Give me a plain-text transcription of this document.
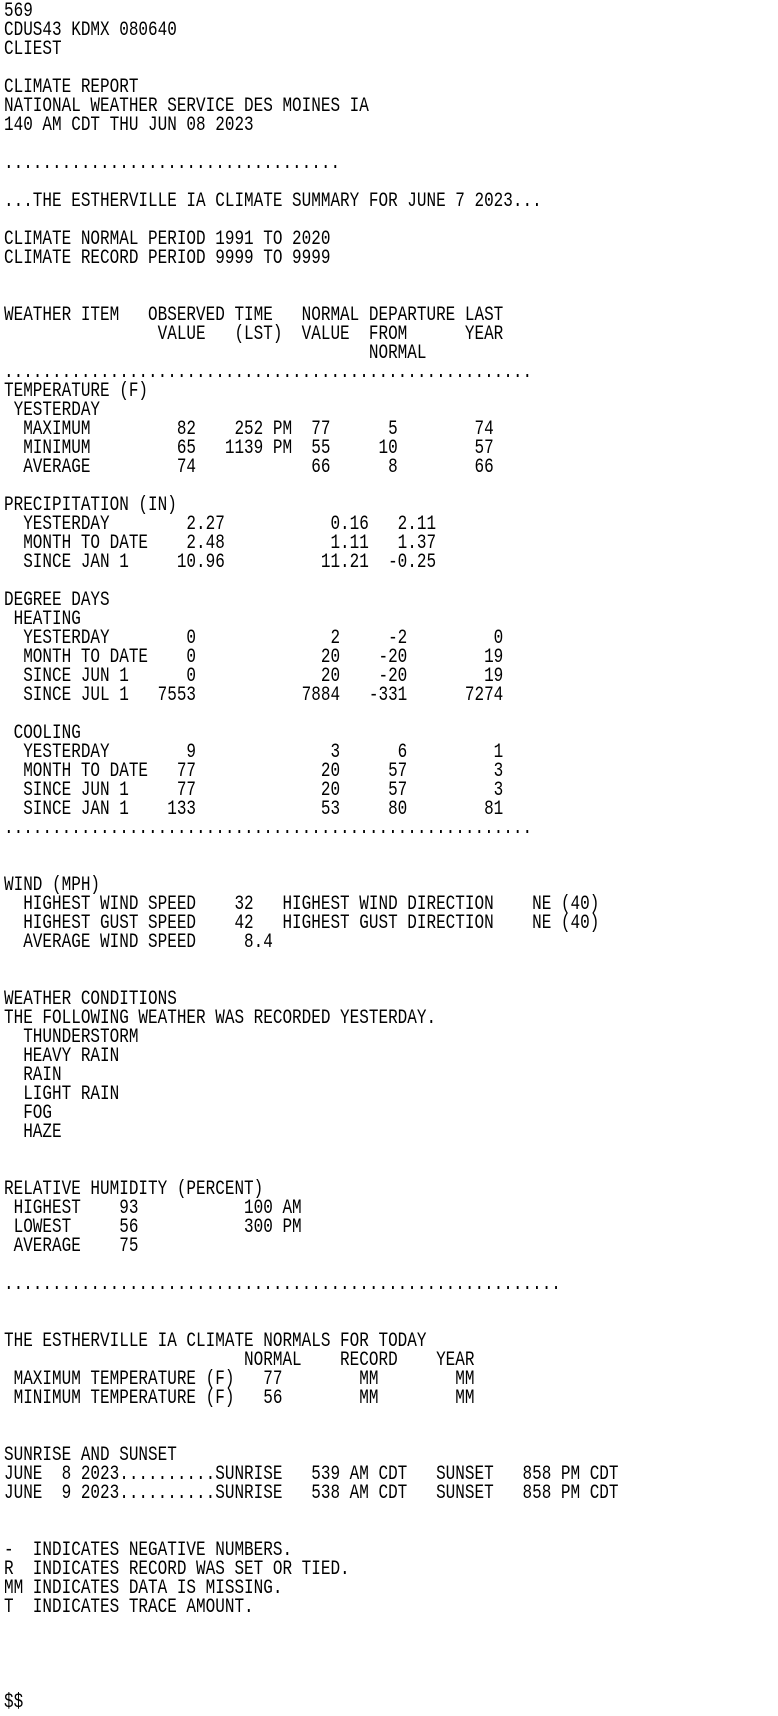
569
CDUS43 KDMX 080640
CLIEST
CLIMATE REPORT
NATIONAL WEATHER SERVICE DES MOINES IA
140 AM CDT THU JUN 08 2023
...................................
...THE ESTHERVILLE IA CLIMATE SUMMARY FOR JUNE 7 2023...
CLIMATE NORMAL PERIOD 1991 TO 2020
CLIMATE RECORD PERIOD 9999 TO 9999
WEATHER ITEM   OBSERVED TIME   NORMAL DEPARTURE LAST
VALUE   (LST)  VALUE  FROM      YEAR
NORMAL
.......................................................
TEMPERATURE (F)
YESTERDAY
MAXIMUM         82    252 PM  77      5        74
MINIMUM         65   1139 PM  55     10        57
AVERAGE         74            66      8        66
PRECIPITATION (IN)
YESTERDAY        2.27           0.16   2.11
MONTH TO DATE    2.48           1.11   1.37
SINCE JAN 1     10.96          11.21  -0.25
DEGREE DAYS
HEATING
YESTERDAY        0              2     -2         0
MONTH TO DATE    0             20    -20        19
SINCE JUN 1      0             20    -20        19
SINCE JUL 1   7553           7884   -331      7274
COOLING
YESTERDAY        9              3      6         1
MONTH TO DATE   77             20     57         3
SINCE JUN 1     77             20     57         3
SINCE JAN 1    133             53     80        81
.......................................................
WIND (MPH)
HIGHEST WIND SPEED    32   HIGHEST WIND DIRECTION    NE (40)
HIGHEST GUST SPEED    42   HIGHEST GUST DIRECTION    NE (40)
AVERAGE WIND SPEED     8.4
WEATHER CONDITIONS
THE FOLLOWING WEATHER WAS RECORDED YESTERDAY.
THUNDERSTORM
HEAVY RAIN
RAIN
LIGHT RAIN
FOG
HAZE
RELATIVE HUMIDITY (PERCENT)
HIGHEST    93           100 AM
LOWEST     56           300 PM
AVERAGE    75
..........................................................
THE ESTHERVILLE IA CLIMATE NORMALS FOR TODAY
NORMAL    RECORD    YEAR
MAXIMUM TEMPERATURE (F)   77        MM        MM
MINIMUM TEMPERATURE (F)   56        MM        MM
SUNRISE AND SUNSET
JUNE  8 2023..........SUNRISE   539 AM CDT   SUNSET   858 PM CDT
JUNE  9 2023..........SUNRISE   538 AM CDT   SUNSET   858 PM CDT
-  INDICATES NEGATIVE NUMBERS.
R  INDICATES RECORD WAS SET OR TIED.
MM INDICATES DATA IS MISSING.
T  INDICATES TRACE AMOUNT.
$$
